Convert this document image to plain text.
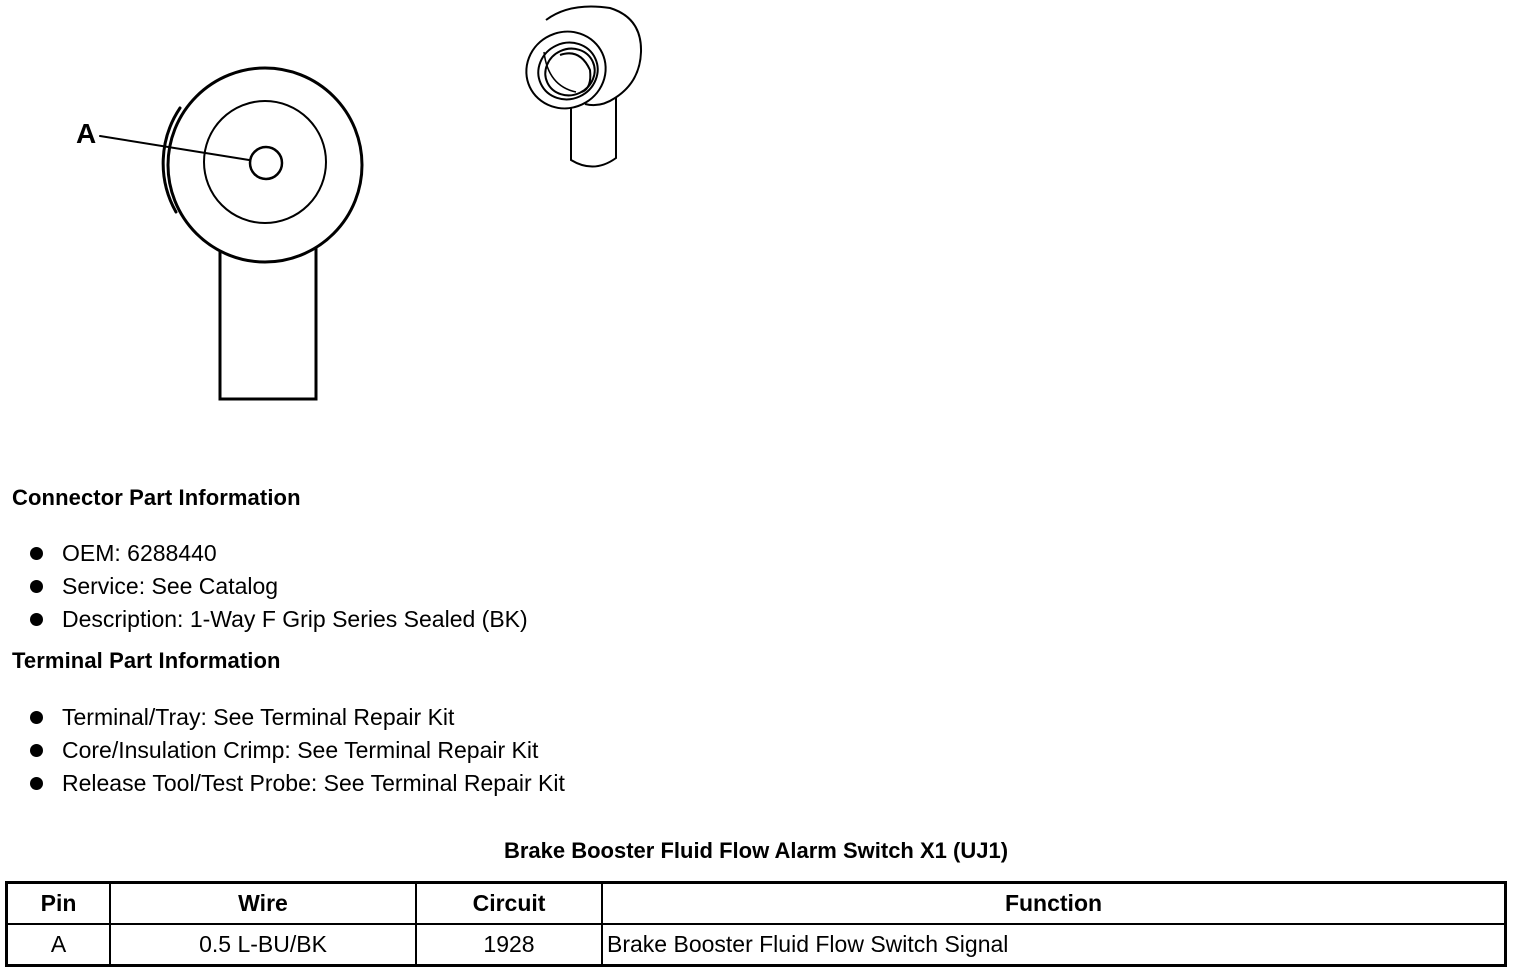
A
Connector Part Information
OEM: 6288440
Service: See Catalog
Description: 1-Way F Grip Series Sealed (BK)
Terminal Part Information
Terminal/Tray: See Terminal Repair Kit
Core/Insulation Crimp: See Terminal Repair Kit
Release Tool/Test Probe: See Terminal Repair Kit
Brake Booster Fluid Flow Alarm Switch X1 (UJ1)
Pin	Wire	Circuit	Function
A	0.5 L-BU/BK	1928	Brake Booster Fluid Flow Switch Signal
